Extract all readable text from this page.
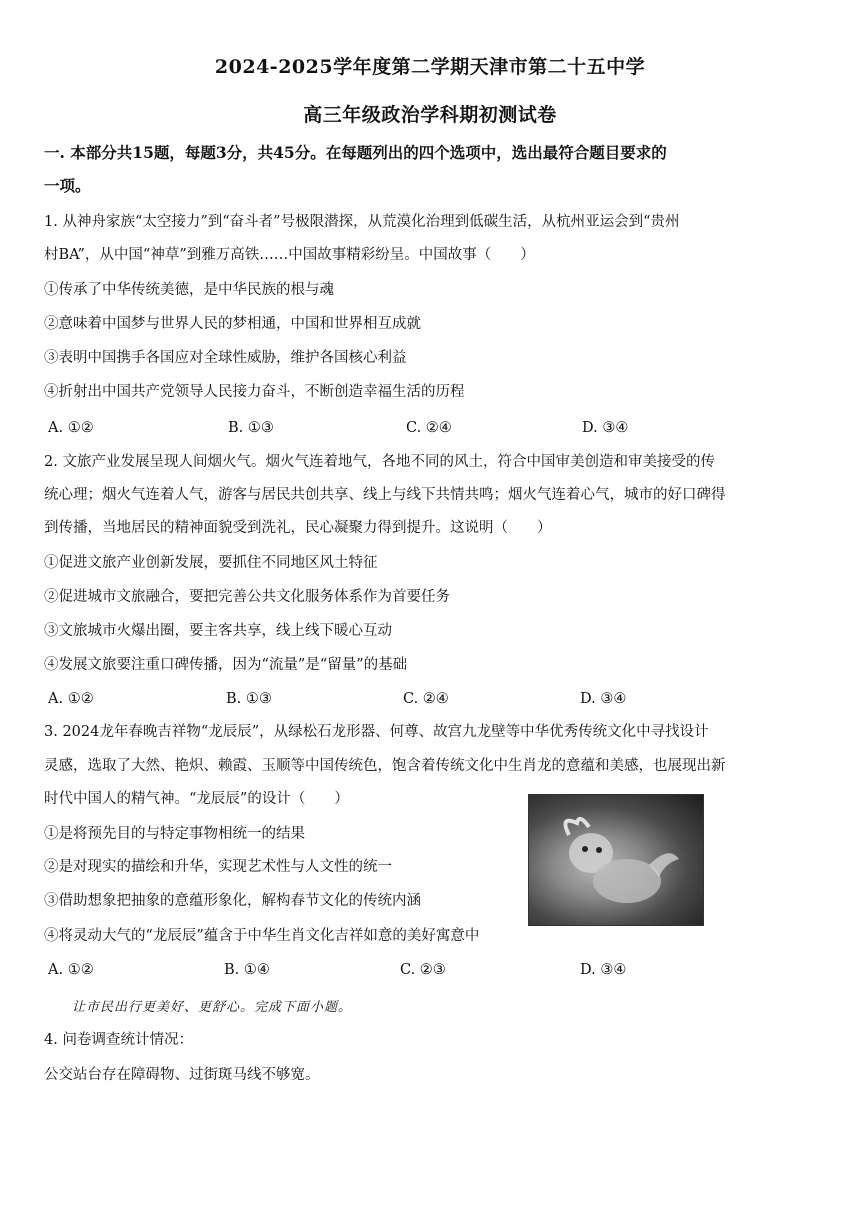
2024-2025学年度第二学期天津市第二十五中学
高三年级政治学科期初测试卷
一. 本部分共15题，每题3分，共45分。在每题列出的四个选项中，选出最符合题目要求的
一项。
1. 从神舟家族“太空接力”到“奋斗者”号极限潜探，从荒漠化治理到低碳生活，从杭州亚运会到“贵州
村BA”，从中国“神草”到雅万高铁……中国故事精彩纷呈。中国故事（　　）
①传承了中华传统美德，是中华民族的根与魂
②意味着中国梦与世界人民的梦相通，中国和世界相互成就
③表明中国携手各国应对全球性威胁，维护各国核心利益
④折射出中国共产党领导人民接力奋斗，不断创造幸福生活的历程
A. ①②	B. ①③	C. ②④	D. ③④
2. 文旅产业发展呈现人间烟火气。烟火气连着地气，各地不同的风土，符合中国审美创造和审美接受的传
统心理；烟火气连着人气，游客与居民共创共享、线上与线下共情共鸣；烟火气连着心气，城市的好口碑得
到传播，当地居民的精神面貌受到洗礼，民心凝聚力得到提升。这说明（　　）
①促进文旅产业创新发展，要抓住不同地区风土特征
②促进城市文旅融合，要把完善公共文化服务体系作为首要任务
③文旅城市火爆出圈，要主客共享，线上线下暖心互动
④发展文旅要注重口碑传播，因为“流量”是“留量”的基础
A. ①②	B. ①③	C. ②④	D. ③④
3. 2024龙年春晚吉祥物“龙辰辰”，从绿松石龙形器、何尊、故宫九龙壁等中华优秀传统文化中寻找设计
灵感，选取了大然、艳炽、赖霞、玉顺等中国传统色，饱含着传统文化中生肖龙的意蕴和美感，也展现出新
时代中国人的精气神。“龙辰辰”的设计（　　）
①是将预先目的与特定事物相统一的结果
②是对现实的描绘和升华，实现艺术性与人文性的统一
③借助想象把抽象的意蕴形象化，解构春节文化的传统内涵
④将灵动大气的“龙辰辰”蕴含于中华生肖文化吉祥如意的美好寓意中
A. ①②	B. ①④	C. ②③	D. ③④
让市民出行更美好、更舒心。完成下面小题。
4. 问卷调查统计情况：
公交站台存在障碍物、过街斑马线不够宽。
